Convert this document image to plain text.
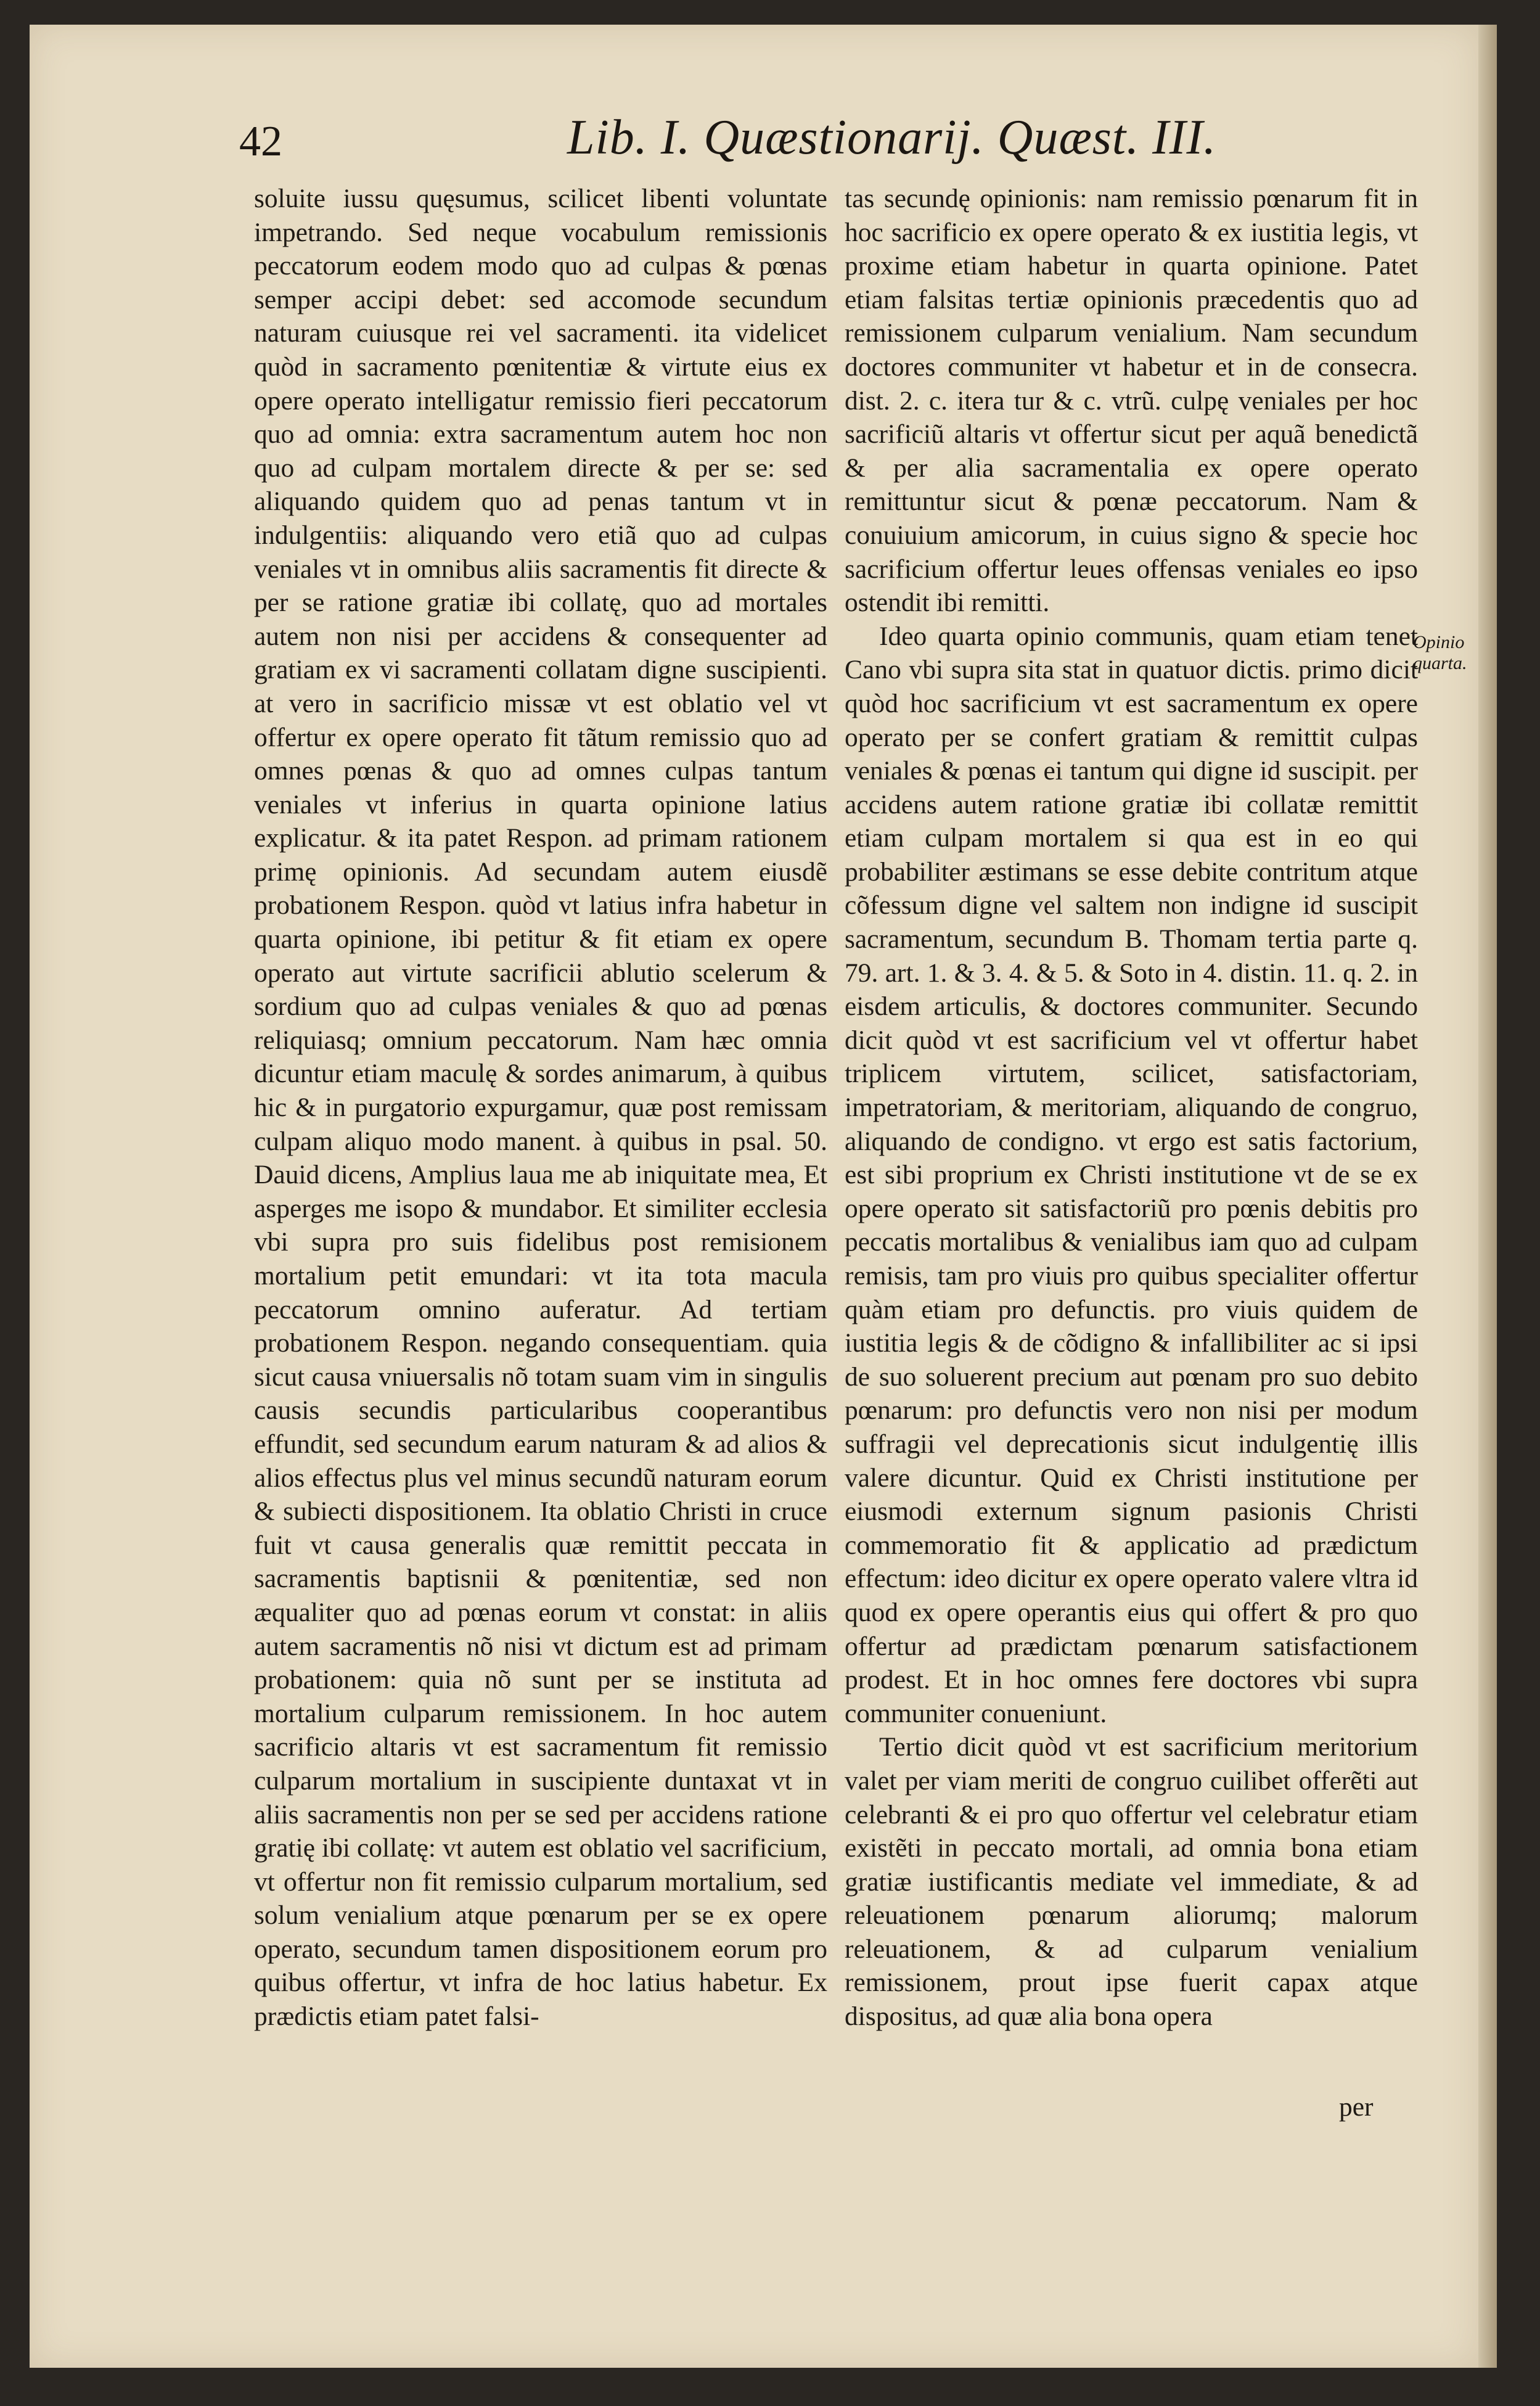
42	Lib. I. Quæstionarij. Quæst. III.

soluite iussu quęsumus, scilicet libenti voluntate impetrando. Sed neque vocabulum remissionis peccatorum eodem modo quo ad culpas & pœnas semper accipi debet: sed accomode secundum naturam cuiusque rei vel sacramenti. ita videlicet quòd in sacramento pœnitentiæ & virtute eius ex opere operato intelligatur remissio fieri peccatorum quo ad omnia: extra sacramentum autem hoc non quo ad culpam mortalem directe & per se: sed aliquando quidem quo ad penas tantum vt in indulgentiis: aliquando vero etiã quo ad culpas veniales vt in omnibus aliis sacramentis fit directe & per se ratione gratiæ ibi collatę, quo ad mortales autem non nisi per accidens & consequenter ad gratiam ex vi sacramenti collatam digne suscipienti. at vero in sacrificio missæ vt est oblatio vel vt offertur ex opere operato fit tãtum remissio quo ad omnes pœnas & quo ad omnes culpas tantum veniales vt inferius in quarta opinione latius explicatur. & ita patet Respon. ad primam rationem primę opinionis. Ad secundam autem eiusdẽ probationem Respon. quòd vt latius infra habetur in quarta opinione, ibi petitur & fit etiam ex opere operato aut virtute sacrificii ablutio scelerum & sordium quo ad culpas veniales & quo ad pœnas reliquiasq; omnium peccatorum. Nam hæc omnia dicuntur etiam maculę & sordes animarum, à quibus hic & in purgatorio expurgamur, quæ post remissam culpam aliquo modo manent. à quibus in psal. 50. Dauid dicens, Amplius laua me ab iniquitate mea, Et asperges me isopo & mundabor. Et similiter ecclesia vbi supra pro suis fidelibus post remisionem mortalium petit emundari: vt ita tota macula peccatorum omnino auferatur. Ad tertiam probationem Respon. negando consequentiam. quia sicut causa vniuersalis nõ totam suam vim in singulis causis secundis particularibus cooperantibus effundit, sed secundum earum naturam & ad alios & alios effectus plus vel minus secundũ naturam eorum & subiecti dispositionem. Ita oblatio Christi in cruce fuit vt causa generalis quæ remittit peccata in sacramentis baptisnii & pœnitentiæ, sed non æqualiter quo ad pœnas eorum vt constat: in aliis autem sacramentis nõ nisi vt dictum est ad primam probationem: quia nõ sunt per se instituta ad mortalium culparum remissionem. In hoc autem sacrificio altaris vt est sacramentum fit remissio culparum mortalium in suscipiente duntaxat vt in aliis sacramentis non per se sed per accidens ratione gratię ibi collatę: vt autem est oblatio vel sacrificium, vt offertur non fit remissio culparum mortalium, sed solum venialium atque pœnarum per se ex opere operato, secundum tamen dispositionem eorum pro quibus offertur, vt infra de hoc latius habetur. Ex prædictis etiam patet falsi-

tas secundę opinionis: nam remissio pœnarum fit in hoc sacrificio ex opere operato & ex iustitia legis, vt proxime etiam habetur in quarta opinione. Patet etiam falsitas tertiæ opinionis præcedentis quo ad remissionem culparum venialium. Nam secundum doctores communiter vt habetur et in de consecra. dist. 2. c. itera tur & c. vtrũ. culpę veniales per hoc sacrificiũ altaris vt offertur sicut per aquã benedictã & per alia sacramentalia ex opere operato remittuntur sicut & pœnæ peccatorum. Nam & conuiuium amicorum, in cuius signo & specie hoc sacrificium offertur leues offensas veniales eo ipso ostendit ibi remitti.

Ideo quarta opinio communis, quam etiam tenet Cano vbi supra sita stat in quatuor dictis. primo dicit quòd hoc sacrificium vt est sacramentum ex opere operato per se confert gratiam & remittit culpas veniales & pœnas ei tantum qui digne id suscipit. per accidens autem ratione gratiæ ibi collatæ remittit etiam culpam mortalem si qua est in eo qui probabiliter æstimans se esse debite contritum atque cõfessum digne vel saltem non indigne id suscipit sacramentum, secundum B. Thomam tertia parte q. 79. art. 1. & 3. 4. & 5. & Soto in 4. distin. 11. q. 2. in eisdem articulis, & doctores communiter. Secundo dicit quòd vt est sacrificium vel vt offertur habet triplicem virtutem, scilicet, satisfactoriam, impetratoriam, & meritoriam, aliquando de congruo, aliquando de condigno. vt ergo est satis factorium, est sibi proprium ex Christi institutione vt de se ex opere operato sit satisfactoriũ pro pœnis debitis pro peccatis mortalibus & venialibus iam quo ad culpam remisis, tam pro viuis pro quibus specialiter offertur quàm etiam pro defunctis. pro viuis quidem de iustitia legis & de cõdigno & infallibiliter ac si ipsi de suo soluerent precium aut pœnam pro suo debito pœnarum: pro defunctis vero non nisi per modum suffragii vel deprecationis sicut indulgentię illis valere dicuntur. Quid ex Christi institutione per eiusmodi externum signum pasionis Christi commemoratio fit & applicatio ad prædictum effectum: ideo dicitur ex opere operato valere vltra id quod ex opere operantis eius qui offert & pro quo offertur ad prædictam pœnarum satisfactionem prodest. Et in hoc omnes fere doctores vbi supra communiter conueniunt.

Tertio dicit quòd vt est sacrificium meritorium valet per viam meriti de congruo cuilibet offerẽti aut celebranti & ei pro quo offertur vel celebratur etiam existẽti in peccato mortali, ad omnia bona etiam gratiæ iustificantis mediate vel immediate, & ad releuationem pœnarum aliorumq; malorum releuationem, & ad culparum venialium remissionem, prout ipse fuerit capax atque dispositus, ad quæ alia bona opera

Opinio quarta.
per
